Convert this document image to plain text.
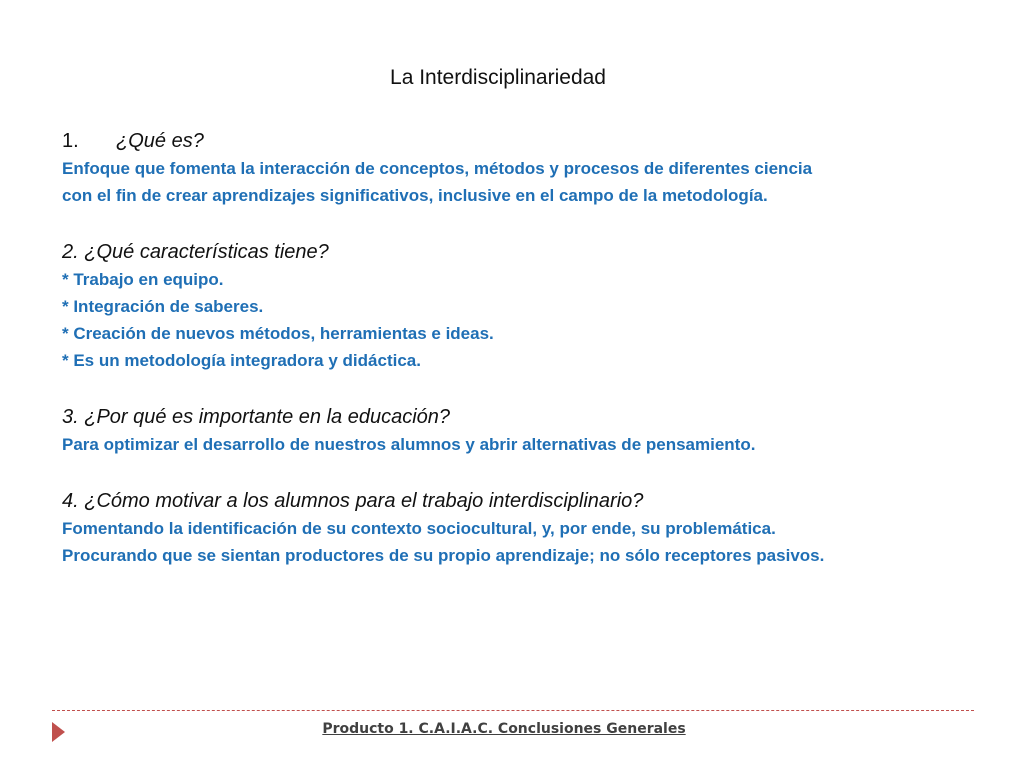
La Interdisciplinariedad

1. ¿Qué es?

Enfoque que fomenta la interacción de conceptos, métodos y procesos de diferentes ciencia

con el fin de crear aprendizajes significativos, inclusive en el campo de la metodología.

2. ¿Qué características tiene?

* Trabajo en equipo.

* Integración de saberes.

* Creación de nuevos métodos, herramientas e ideas.

* Es un metodología integradora y didáctica.

3. ¿Por qué es importante en la educación?

Para optimizar el desarrollo de nuestros alumnos y abrir alternativas de pensamiento.

4. ¿Cómo motivar a los alumnos para el trabajo interdisciplinario?

Fomentando la identificación de su contexto sociocultural, y, por ende, su problemática.

Procurando que se sientan productores de su propio aprendizaje; no sólo receptores pasivos.

Producto 1. C.A.I.A.C. Conclusiones Generales
